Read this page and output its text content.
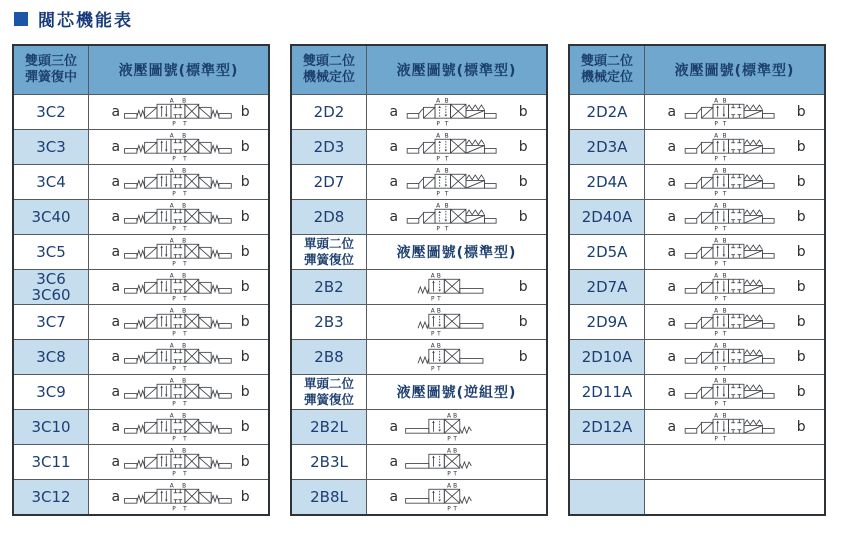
閥芯機能表
雙頭三位
彈簧復中	液壓圖號(標準型)
3C2	a
A B
P T
b
3C3	a
A B
P T
b
3C4	a
A B
P T
b
3C40	a
A B
P T
b
3C5	a
A B
P T
b
3C6
3C60	a
A B
P T
b
3C7	a
A B
P T
b
3C8	a
A B
P T
b
3C9	a
A B
P T
b
3C10	a
A B
P T
b
3C11	a
A B
P T
b
3C12	a
A B
P T
b
雙頭二位
機械定位	液壓圖號(標準型)
2D2	a
A B
P T
b
2D3	a
A B
P T
b
2D7	a
A B
P T
b
2D8	a
A B
P T
b
單頭二位
彈簧復位	液壓圖號(標準型)
2B2
A B
P T
b
2B3
A B
P T
b
2B8
A B
P T
b
單頭二位
彈簧復位	液壓圖號(逆組型)
2B2L	a
A B
P T
2B3L	a
A B
P T
2B8L	a
A B
P T
雙頭二位
機械定位	液壓圖號(標準型)
2D2A	a
A B
P T
b
2D3A	a
A B
P T
b
2D4A	a
A B
P T
b
2D40A	a
A B
P T
b
2D5A	a
A B
P T
b
2D7A	a
A B
P T
b
2D9A	a
A B
P T
b
2D10A	a
A B
P T
b
2D11A	a
A B
P T
b
2D12A	a
A B
P T
b
